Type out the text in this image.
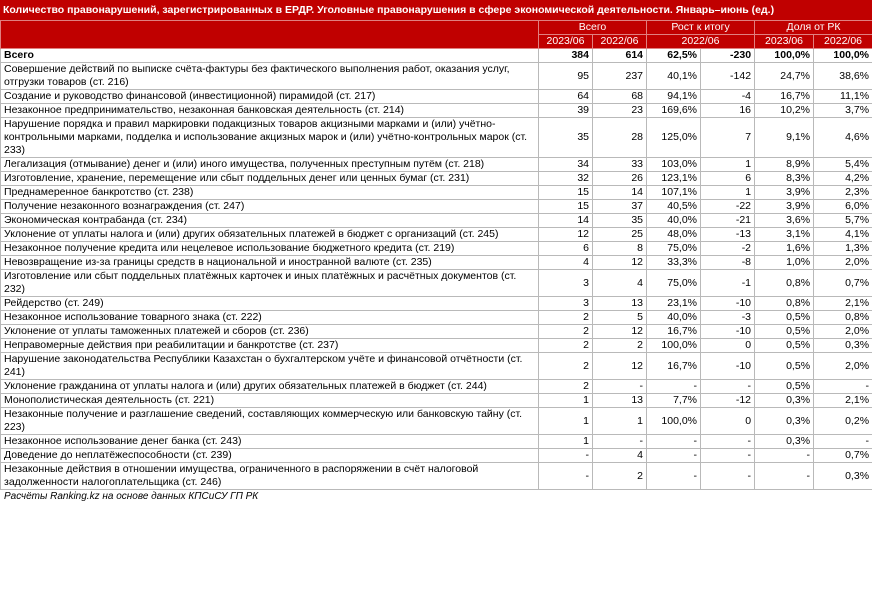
Количество правонарушений, зарегистрированных в ЕРДР. Уголовные правонарушения в сфере экономической деятельности. Январь–июнь (ед.)
	Всего		Рост к итогу		Доля от РК	
	2023/06	2022/06	2022/06		2023/06	2022/06
Всего	384	614	62,5%	-230	100,0%	100,0%
Совершение действий по выписке счёта-фактуры без фактического выполнения работ, оказания услуг, отгрузки товаров (ст. 216)	95	237	40,1%	-142	24,7%	38,6%
Создание и руководство финансовой (инвестиционной) пирамидой (ст. 217)	64	68	94,1%	-4	16,7%	11,1%
Незаконное предпринимательство, незаконная банковская деятельность (ст. 214)	39	23	169,6%	16	10,2%	3,7%
Нарушение порядка и правил маркировки подакцизных товаров акцизными марками и (или) учётно-контрольными марками, подделка и использование акцизных марок и (или) учётно-контрольных марок (ст. 233)	35	28	125,0%	7	9,1%	4,6%
Легализация (отмывание) денег и (или) иного имущества, полученных преступным путём (ст. 218)	34	33	103,0%	1	8,9%	5,4%
Изготовление, хранение, перемещение или сбыт поддельных денег или ценных бумаг (ст. 231)	32	26	123,1%	6	8,3%	4,2%
Преднамеренное банкротство (ст. 238)	15	14	107,1%	1	3,9%	2,3%
Получение незаконного вознаграждения (ст. 247)	15	37	40,5%	-22	3,9%	6,0%
Экономическая контрабанда (ст. 234)	14	35	40,0%	-21	3,6%	5,7%
Уклонение от уплаты налога и (или) других обязательных платежей в бюджет с организаций (ст. 245)	12	25	48,0%	-13	3,1%	4,1%
Незаконное получение кредита или нецелевое использование бюджетного кредита (ст. 219)	6	8	75,0%	-2	1,6%	1,3%
Невозвращение из-за границы средств в национальной и иностранной валюте (ст. 235)	4	12	33,3%	-8	1,0%	2,0%
Изготовление или сбыт поддельных платёжных карточек и иных платёжных и расчётных документов (ст. 232)	3	4	75,0%	-1	0,8%	0,7%
Рейдерство (ст. 249)	3	13	23,1%	-10	0,8%	2,1%
Незаконное использование товарного знака (ст. 222)	2	5	40,0%	-3	0,5%	0,8%
Уклонение от уплаты таможенных платежей и сборов (ст. 236)	2	12	16,7%	-10	0,5%	2,0%
Неправомерные действия при реабилитации и банкротстве (ст. 237)	2	2	100,0%	0	0,5%	0,3%
Нарушение законодательства Республики Казахстан о бухгалтерском учёте и финансовой отчётности (ст. 241)	2	12	16,7%	-10	0,5%	2,0%
Уклонение гражданина от уплаты налога и (или) других обязательных платежей в бюджет (ст. 244)	2	-	-	-	0,5%	-
Монополистическая деятельность (ст. 221)	1	13	7,7%	-12	0,3%	2,1%
Незаконные получение и разглашение сведений, составляющих коммерческую или банковскую тайну (ст. 223)	1	1	100,0%	0	0,3%	0,2%
Незаконное использование денег банка (ст. 243)	1	-	-	-	0,3%	-
Доведение до неплатёжеспособности (ст. 239)	-	4	-	-	-	0,7%
Незаконные действия в отношении имущества, ограниченного в распоряжении в счёт налоговой задолженности налогоплательщика (ст. 246)	-	2	-	-	-	0,3%
Расчёты Ranking.kz на основе данных КПСиСУ ГП РК
